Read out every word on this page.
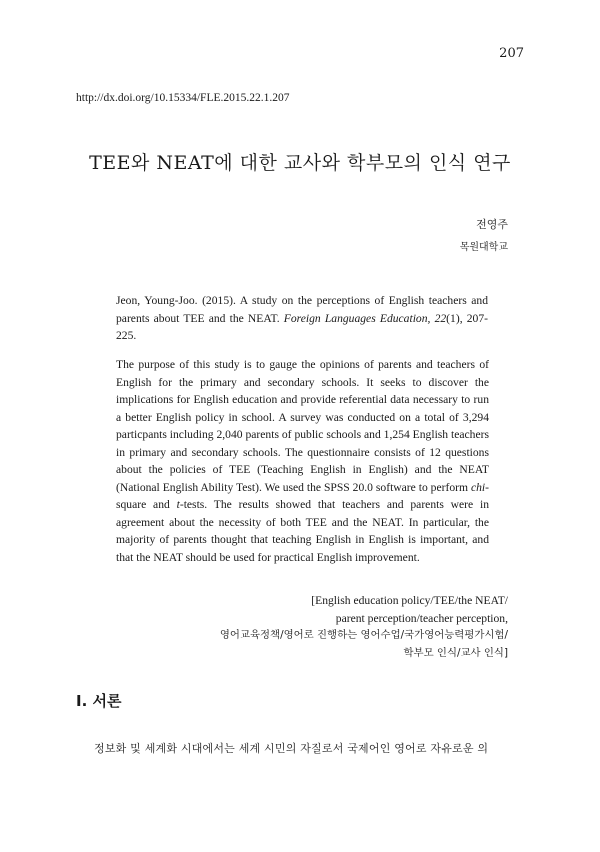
207
http://dx.doi.org/10.15334/FLE.2015.22.1.207
TEE와 NEAT에 대한 교사와 학부모의 인식 연구
전영주
목원대학교
Jeon, Young-Joo. (2015). A study on the perceptions of English teachers and parents about TEE and the NEAT. Foreign Languages Education, 22(1), 207-225.
The purpose of this study is to gauge the opinions of parents and teachers of English for the primary and secondary schools. It seeks to discover the implications for English education and provide referential data necessary to run a better English policy in school. A survey was conducted on a total of 3,294 particpants including 2,040 parents of public schools and 1,254 English teachers in primary and secondary schools. The questionnaire consists of 12 questions about the policies of TEE (Teaching English in English) and the NEAT (National English Ability Test). We used the SPSS 20.0 software to perform chi-square and t-tests. The results showed that teachers and parents were in agreement about the necessity of both TEE and the NEAT. In particular, the majority of parents thought that teaching English in English is important, and that the NEAT should be used for practical English improvement.
[English education policy/TEE/the NEAT/
parent perception/teacher perception,
영어교육정책/영어로 진행하는 영어수업/국가영어능력평가시험/
학부모 인식/교사 인식]
I. 서론
정보화 및 세계화 시대에서는 세계 시민의 자질로서 국제어인 영어로 자유로운 의
